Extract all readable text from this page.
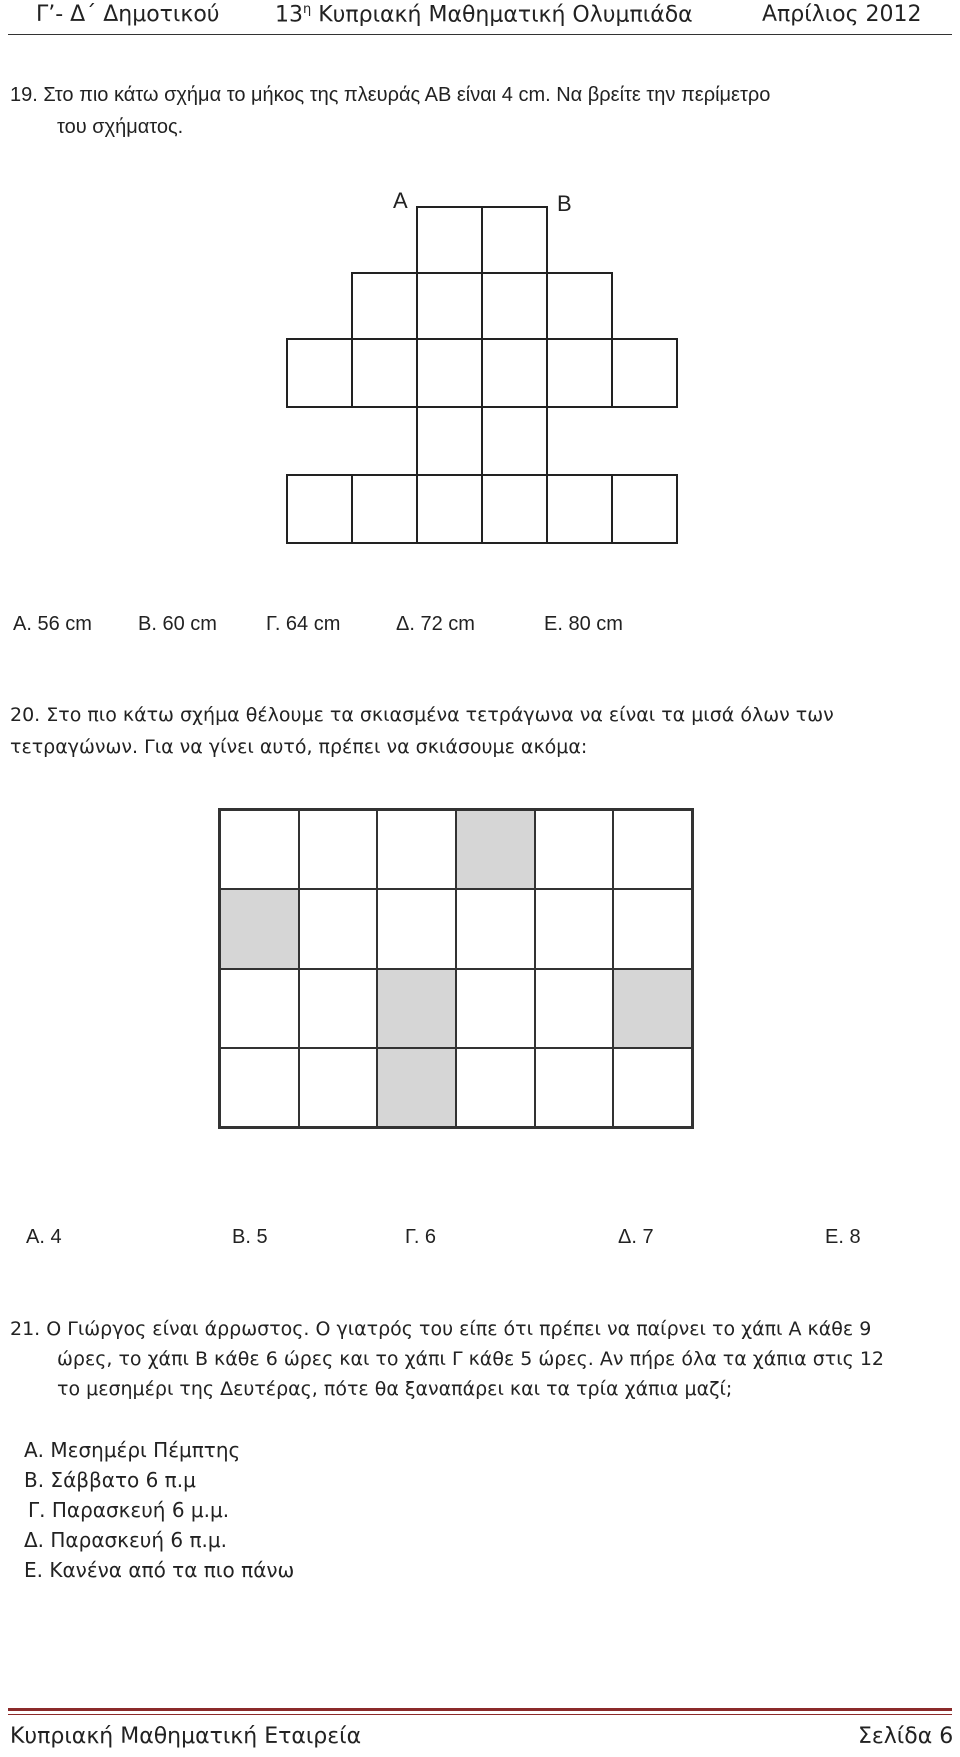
Γ’- Δ΄ Δημοτικού	$13^\eta$ Κυπριακή Μαθηματική Ολυμπιάδα	Απρίλιος 2012
19. Στο πιο κάτω σχήμα το μήκος της πλευράς ΑΒ είναι 4 cm. Να βρείτε την περίμετρο
του σχήματος.
A	B
A. 56 cm B. 60 cm Γ. 64 cm	Δ. 72 cm	E. 80 cm
20. Στο πιο κάτω σχήμα θέλουμε τα σκιασμένα τετράγωνα να είναι τα μισά όλων των
τετραγώνων. Για να γίνει αυτό, πρέπει να σκιάσουμε ακόμα:
A. 4	B. 5	Γ. 6	Δ. 7	E. 8
21. Ο Γιώργος είναι άρρωστος. Ο γιατρός του είπε ότι πρέπει να παίρνει το χάπι Α κάθε 9
ώρες, το χάπι Β κάθε 6 ώρες και το χάπι Γ κάθε 5 ώρες. Αν πήρε όλα τα χάπια στις 12
το μεσημέρι της Δευτέρας, πότε θα ξαναπάρει και τα τρία χάπια μαζί;
Α. Μεσημέρι Πέμπτης
Β. Σάββατο 6 π.μ
Γ. Παρασκευή 6 μ.μ.
Δ. Παρασκευή 6 π.μ.
Ε. Κανένα από τα πιο πάνω
Κυπριακή Μαθηματική Εταιρεία	Σελίδα 6
